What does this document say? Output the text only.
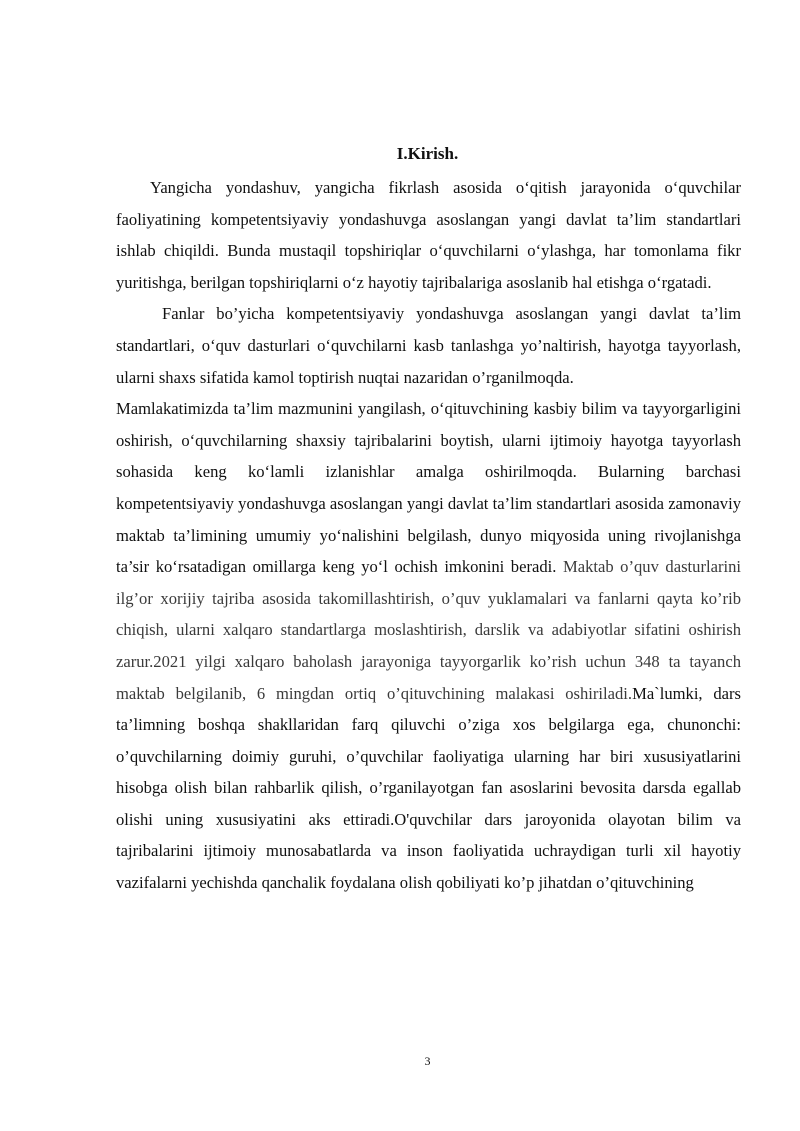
I.Kirish.

Yangicha yondashuv, yangicha fikrlash asosida o‘qitish jarayonida o‘quvchilar faoliyatining kompetentsiyaviy yondashuvga asoslangan yangi davlat ta’lim standartlari ishlab chiqildi. Bunda mustaqil topshiriqlar o‘quvchilarni o‘ylashga, har tomonlama fikr yuritishga, berilgan topshiriqlarni o‘z hayotiy tajribalariga asoslanib hal etishga o‘rgatadi.

Fanlar bo’yicha kompetentsiyaviy yondashuvga asoslangan yangi davlat ta’lim standartlari, o‘quv dasturlari o‘quvchilarni kasb tanlashga yo’naltirish, hayotga tayyorlash, ularni shaxs sifatida kamol toptirish nuqtai nazaridan o’rganilmoqda.

Mamlakatimizda ta’lim mazmunini yangilash, o‘qituvchining kasbiy bilim va tayyorgarligini oshirish, o‘quvchilarning shaxsiy tajribalarini boytish, ularni ijtimoiy hayotga tayyorlash sohasida keng ko‘lamli izlanishlar amalga oshirilmoqda. Bularning barchasi kompetentsiyaviy yondashuvga asoslangan yangi davlat ta’lim standartlari asosida zamonaviy maktab ta’limining umumiy yo‘nalishini belgilash, dunyo miqyosida uning rivojlanishga ta’sir ko‘rsatadigan omillarga keng yo‘l ochish imkonini beradi. Maktab o’quv dasturlarini ilg’or xorijiy tajriba asosida takomillashtirish, o’quv yuklamalari va fanlarni qayta ko’rib chiqish, ularni xalqaro standartlarga moslashtirish, darslik va adabiyotlar sifatini oshirish zarur.2021 yilgi xalqaro baholash jarayoniga tayyorgarlik ko’rish uchun 348 ta tayanch maktab belgilanib, 6 mingdan ortiq o’qituvchining malakasi oshiriladi.Ma`lumki, dars ta’limning boshqa shakllaridan farq qiluvchi o’ziga xos belgilarga ega, chunonchi: o’quvchilarning doimiy guruhi, o’quvchilar faoliyatiga ularning har biri xususiyatlarini hisobga olish bilan rahbarlik qilish, o’rganilayotgan fan asoslarini bevosita darsda egallab olishi uning xususiyatini aks ettiradi.O'quvchilar dars jaroyonida olayotan bilim va tajribalarini ijtimoiy munosabatlarda va inson faoliyatida uchraydigan turli xil hayotiy vazifalarni yechishda qanchalik foydalana olish qobiliyati ko’p jihatdan o’qituvchining

3
